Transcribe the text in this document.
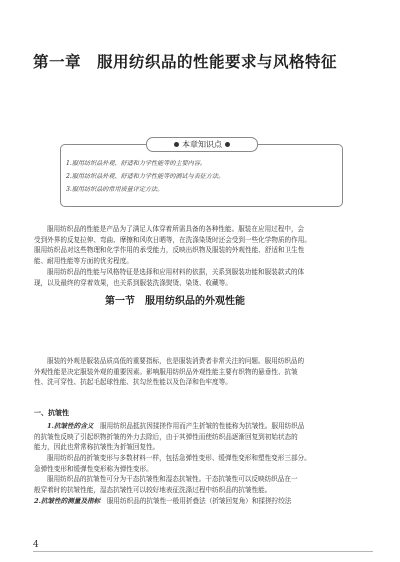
第一章　服用纺织品的性能要求与风格特征
本章知识点
1.服用纺织品外观、舒适和力学性能等的主要内容。
2.服用纺织品外观、舒适和力学性能等的测试与表征方法。
3.服用纺织品的常用质量评定方法。
服用纺织品的性能是产品为了满足人体穿着所需具备的各种性能。服装在应用过程中，会
受到外界的反复拉伸、弯曲、摩擦和风吹日晒等，在洗涤染烫时还会受到一些化学物质的作用。
服用纺织品对这些物理和化学作用的承受能力，反映出织物及服装的外观性能、舒适和卫生性
能、耐用性能等方面的优劣程度。
服用纺织品的性能与风格特征是选择和应用材料的依据，关系到服装功能和服装款式的体
现，以及最终的穿着效果，也关系到服装洗涤熨烫、染烫、收藏等。
第一节　服用纺织品的外观性能
服装的外观是服装品质高低的重要指标，也是服装消费者非常关注的问题。服用纺织品的
外观性能是决定服装外观的重要因素。影响服用纺织品外观性能主要有织物的悬垂性、抗皱
性、洗可穿性、抗起毛起球性能、抗勾丝性能以及色泽和色牢度等。
一、抗皱性
1.抗皱性的含义　 服用纺织品抵抗因揉搓作用而产生折皱的性能称为抗皱性。服用纺织品
的抗皱性反映了引起织物折皱的外力去除后，由于其弹性而使纺织品逐渐回复到初始状态的
能力，因此也常常称抗皱性为折皱回复性。
服用纺织品的折皱变形与多数材料一样，包括急弹性变形、缓弹性变形和塑性变形三部分。
急弹性变形和缓弹性变形称为弹性变形。
服用纺织品的抗皱性可分为干态抗皱性和湿态抗皱性。干态抗皱性可以反映纺织品在一
般穿着时的抗皱性能，湿态抗皱性可以较好地表征洗涤过程中纺织品的抗皱性能。
2.抗皱性的测量及指标　 服用纺织品的抗皱性一般用折叠法（折皱回复角）和揉搓拧绞法
4
